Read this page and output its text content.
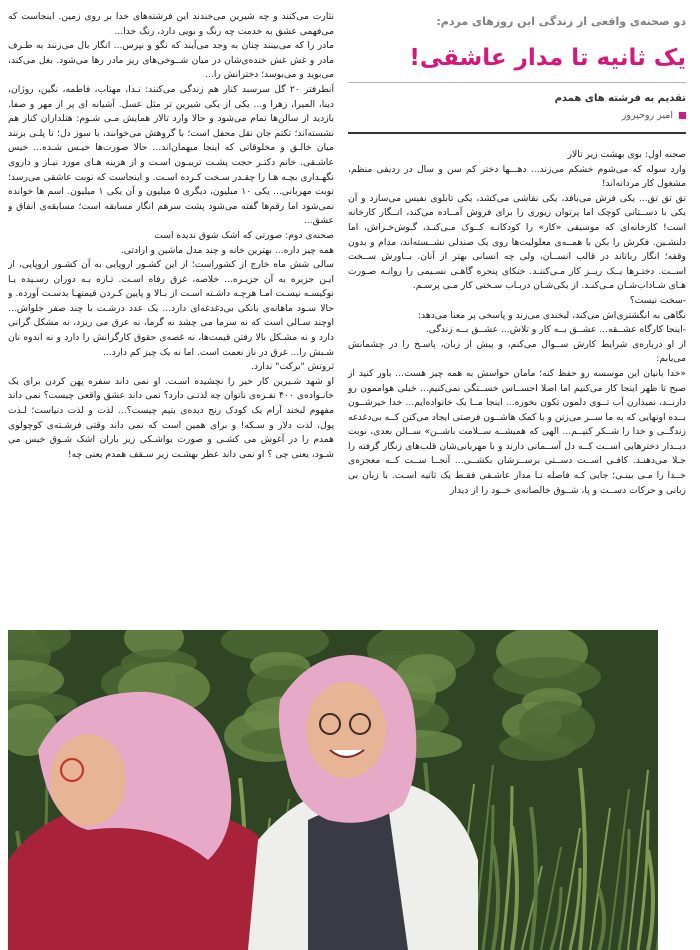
دو صحنه‌ی واقعی از زندگی این روزهای مردم:
یک ثانیه تا مدار عاشقی!
تقدیم به فرشته های همدم
امیر روحپرور

صحنه اول: بوی بهشت زیر تالار

وارد سوله که می‌شوم خشکم می‌زند... دهـــها دختر کم سن و سال در ردیفی منظم، مشغول کار مردانه‌اند!

تق تق تق... یکی فرش می‌بافد، یکی نقاشی می‌کشد، یکی تابلوی نفیس می‌سازد و آن یکی با دســتانی کوچک اما پرتوان زیوری را برای فروش آمــاده می‌کند، انــگار کارخانه است! کارخانه‌ای که موسیقی «کار» را کودکانـه کــوک مـی‌کنـد، گـوش‌خـراش، اما دلنشـین. فکرش را بکن با همــه‌ی معلولیت‌ها روی یک صندلی نشــسته‌اند، مدام و بدون وقفه؛ انگار رباتاند در قالب انســان، ولی چه انسانی بهتر از آنان. بــاورش ســخت اســت. دختـرها یــک ریــز کار مـی‌کننـد. خنکای پنجره گاهـی نسـیمی را روانـه صـورت هـای شـاداب‌شـان مـی‌کنـد. از یکی‌شـان دربـاب سـختی کار مـی‌ پرسـم.

-سخت نیست؟

نگاهی به انگشتری‌اش می‌کند، لبخندی می‌زند و پاسخی پر معنا می‌دهد:

-اینجا کارگاه عشــقه... عشــق بــه کار و تلاش... عشــق بــه زندگی.

از او درباره‌ی شرایط کارش ســوال می‌کنم، و پیش از زبان، پاسـخ را در چشمانش می‌یابم:

«خدا بانیان این موسسه رو حفظ کنه؛ مامان حواسش به همه چیز هست... باور کنید از صبح تا ظهر اینجا کار می‌کنیم اما اصلا احســاس خســتگی نمی‌کنیم... خیلی هواممون رو دارنــد، نمیذارن آب تــوی دلمون تکون بخوره... اینجا مــا یک خانواده‌ایم... خدا خیرشــون بــده اونهایی که به ما ســر می‌زنن و با کمک هاشــون فرصتی ایجاد می‌کنن کــه بی‌دغدغه زندگــی و خدا را شــکر کنیــم... الهی که همیشــه ســلامت باشــن» ســالن بعدی، نوبت دیــدار دخترهایی اســت کــه دل آســمانی دارند و با مهربانی‌شان قلب‌های زنگار گرفته را جـلا می‌دهنـد. کافـی اســت دســتی برســرشان بکشــی... آنجــا ســت کــه معجزه‌ی خــدا را مـی‌ بینـی؛ جایی کـه فاصله تـا مدار عاشـقی فقـط یک ثانیه اسـت. با زبان بی‌ زبانی و حرکات دســت و پا، شــوق خالصانه‌ی خــود را از دیدار

نثارت می‌کنند و چه شیرین می‌خندند این فرشته‌های خدا بر روی زمین. اینجاست که می‌فهمی عشق به خدمت چه رنگ و بویی دارد، رنگ خدا...

مادر را که می‌بینند چنان به وجد می‌آیند که نگو و نپرس... انگار بال می‌زنند به طـرف مادر و غش غش خنده‌ی‌شان در میان شــوخی‌های ریز مادر رها می‌شود. بغل می‌کند، می‌بوید و می‌بوسد؛ دخترانش را...

اَنطرفتر ۲۰ گل سرسبد کنار هم زندگی می‌کنند: نـدا، مهتاب، فاطمه، نگین، روژان، دینا، المیرا، زهرا و... یکی از یکی شیرین تر مثل عسل. آشیانه ای پر از مهر و صفا. بازدید از سالن‌ها تمام می‌شود و حالا وارد تالار همایش مـی‌ شـوم: هتلداران کنار هم نشسته‌اند؛ تکتم جان نقل محفل است؛ با گروهش می‌خوانند، با سوز دل؛ تا پلـی بزنند میان خالـق و مخلوقاتی که اینجا میهمان‌اند... حالا صورت‌ها خیـس شـده... خیس عاشـقی. خانم دکتـر حجت پشـت تریبـون اسـت و از هزینه هـای مورد نیـاز و داروی نگهـداری بچـه هـا را چقـدر سـخت کـرده اسـت. و اینجاست که نوبت عاشقی می‌رسد؛ نوبت مهربانی... یکی ۱۰ میلیون، دیگری ۵ میلیون و آن یکی ۱ میلیون. اسم ها خوانده نمی‌شود اما رقم‌ها گفته می‌شود پشت سرهم انگار مسابقه است؛ مسابقه‌ی انفاق و عشق...

صحنه‌ی دوم: صورتی که اشک شوق ندیده است

همه چیز داره... بهترین خانه و چند مدل ماشین و ارادتی.

سالی شش ماه خارج از کشوراست؛ از این کشـور اروپایی به آن کشـور اروپایی، از ایـن جزیره به آن جزیـره... خلاصه، غرق رفاه اسـت. تـازه بـه دوران رسـیده یـا نوکیسـه نیسـت امـا هرچـه داشـته اسـت از بـالا و پایین کـردن قیمتهـا بدسـت آورده. و حالا سـود ماهانه‌ی بانکی بی‌دغدغه‌ای دارد... یک عدد درشـت با چند صفر جلواش... اوچند سـالی است که نه سرما می‌ چشد نه گرما، نه عرق می‌ ریزد، نه مشکل گرانی دارد و نه مشـکل بالا رفتن قیمت‌ها، نه غصه‌ی حقوق کارگرانش را دارد و نه اندوه نان شـبش را... غرق در ناز نعمت است. اما نه یک چیز کم دارد...

ثروتش "برکت" ندارد.

او شهد شـیرین کار خیر را نچشیده اسـت. او نمی‌ داند سفره پهن کردن برای یک خانـواده‌ی ۴۰۰ نفـره‌ی ناتوان چه لذتـی دارد؟ نمی‌ داند عشق واقعی چیست؟ نمی‌ داند مفهوم لبخند آرام یک کودک رنج دیده‌ی یتیم چیست؟... لذت و لذت دنیاست؛ لـذت پول، لذت دلار و سـکه! و برای همین است که نمی داند وقتی فرشـته‌ی کوچولوی همدم را در آغوش می کشـی و صورت یواشـکی زیر باران اشک شـوق خیس می شـود، یعنی چی ؟ او نمی داند عطر بهشـت زیر سـقف همدم یعنی چه!
